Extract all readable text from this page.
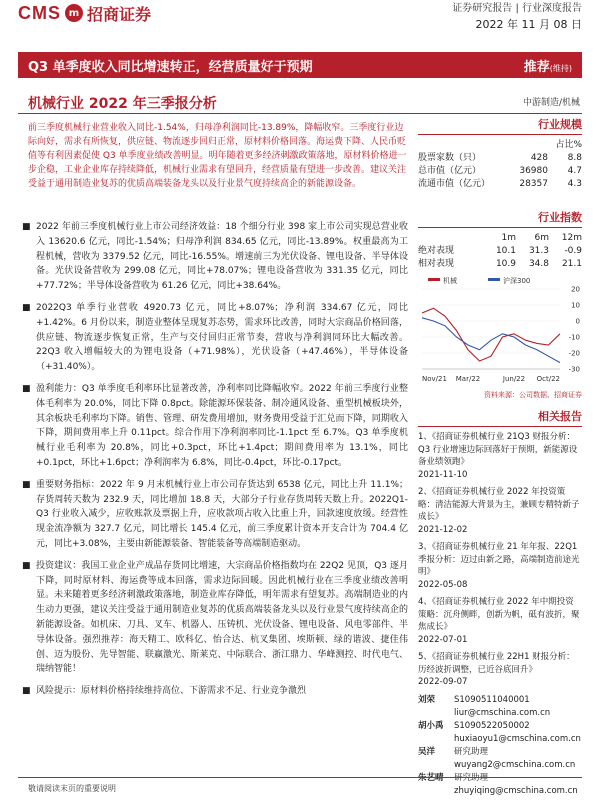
CMS m 招商证券	证券研究报告 | 行业深度报告
2022 年 11 月 08 日
Q3 单季度收入同比增速转正，经营质量好于预期	推荐(维持)
机械行业 2022 年三季报分析	中游制造/机械
前三季度机械行业营业收入同比-1.54%，归母净利润同比-13.89%，降幅收窄。三季度行业边际向好，需求有所恢复，供应链、物流逐步回归正常，原材料价格回落。海运费下降、人民币贬值等有利因素促使 Q3 单季度业绩改善明显。明年随着更多经济刺激政策落地，原材料价格进一步企稳，工业企业库存持续降低，机械行业需求有望回升，经营质量有望进一步改善。建议关注受益于通用制造业复苏的优质高端装备龙头以及行业景气度持续高企的新能源设备。
■ 2022 年前三季度机械行业上市公司经济效益：18 个细分行业 398 家上市公司实现总营业收入 13620.6 亿元，同比-1.54%；归母净利润 834.65 亿元，同比-13.89%。权重最高为工程机械，营收为 3379.52 亿元，同比-16.55%。增速前三为光伏设备、锂电设备、半导体设备。光伏设备营收为 299.08 亿元，同比+78.07%；锂电设备营收为 331.35 亿元，同比+77.72%；半导体设备营收为 61.26 亿元，同比+38.64%。
■ 2022Q3 单季行业营收 4920.73 亿元，同比+8.07%；净利润 334.67 亿元，同比+1.42%。6 月份以来，制造业整体呈现复苏态势，需求环比改善，同时大宗商品价格回落，供应链、物流逐步恢复正常，生产与交付回归正常节奏，营收与净利润同环比大幅改善。22Q3 收入增幅较大的为锂电设备（+71.98%），光伏设备（+47.46%），半导体设备（+31.40%）。
■ 盈利能力：Q3 单季度毛利率环比显著改善，净利率同比降幅收窄。2022 年前三季度行业整体毛利率为 20.0%，同比下降 0.8pct。除能源环保装备、制冷通风设备、重型机械板块外，其余板块毛利率均下降。销售、管理、研发费用增加，财务费用受益于汇兑而下降，同期收入下降，期间费用率上升 0.11pct。综合作用下净利润率同比-1.1pct 至 6.7%。Q3 单季度机械行业毛利率为 20.8%，同比+0.3pct，环比+1.4pct；期间费用率为 13.1%，同比+0.1pct，环比+1.6pct；净利润率为 6.8%，同比-0.4pct，环比-0.17pct。
■ 重要财务指标：2022 年 9 月末机械行业上市公司存货达到 6538 亿元，同比上升 11.1%；存货周转天数为 232.9 天，同比增加 18.8 天，大部分子行业存货周转天数上升。2022Q1-Q3 行业收入减少，应收账款及票据上升，应收款项占收入比重上升，回款速度放缓。经营性现金流净额为 327.7 亿元，同比增长 145.4 亿元，前三季度累计资本开支合计为 704.4 亿元，同比+3.08%，主要由新能源装备、智能装备等高端制造驱动。
■ 投资建议：我国工业企业产成品存货同比增速，大宗商品价格指数均在 22Q2 见顶，Q3 逐月下降，同时原材料、海运费等成本回落，需求边际回暖。因此机械行业在三季度业绩改善明显。未来随着更多经济刺激政策落地，制造业库存降低，明年需求有望复苏。高端制造业的内生动力更强，建议关注受益于通用制造业复苏的优质高端装备龙头以及行业景气度持续高企的新能源设备。如机床、刀具、叉车、机器人、压铸机、光伏设备、锂电设备、风电零部件、半导体设备。强烈推荐：海天精工、欧科亿、怡合达、杭叉集团、埃斯顿、绿的谐波、捷佳伟创、迈为股份、先导智能、联赢激光、斯莱克、中际联合、浙江鼎力、华峰测控、时代电气、瑞纳智能！
■ 风险提示：原材料价格持续维持高位、下游需求不足、行业竞争激烈
行业规模
占比%
股票家数（只）	428	8.8
总市值（亿元）	36980	4.7
流通市值（亿元）	28357	4.3
行业指数
1m	6m	12m
绝对表现	10.1	31.3	-0.9
相对表现	10.9	34.8	21.1
机械	沪深300
20
10
0
-10
-20
-30
Nov/21 Mar/22	Jun/22 Oct/22
资料来源：公司数据、招商证券
相关报告
1、《招商证券机械行业 21Q3 财报分析：Q3 行业增速边际回落好于预期，新能源设备业绩领跑》
2021-11-10
2、《招商证券机械行业 2022 年投资策略：清洁能源大背景为主，兼顾专精特新子成长》
2021-12-02
3、《招商证券机械行业 21 年年报、22Q1 季报分析：迈过由新之路，高端制造前途光明》
2022-05-08
4、《招商证券机械行业 2022 年中期投资策略：沉舟侧畔，创新为帆，砥有波折，聚焦成长》
2022-07-01
5、《招商证券机械行业 22H1 财报分析：历经波折调整，已近谷底回升》
2022-09-07
刘荣	S1090511040001
liur@cmschina.com.cn
胡小禹	S1090522050002
huxiaoyu1@cmschina.com.cn
吴洋	研究助理
wuyang2@cmschina.com.cn
zhuyiqing@cmschina.com.cn
敬请阅读末页的重要说明
